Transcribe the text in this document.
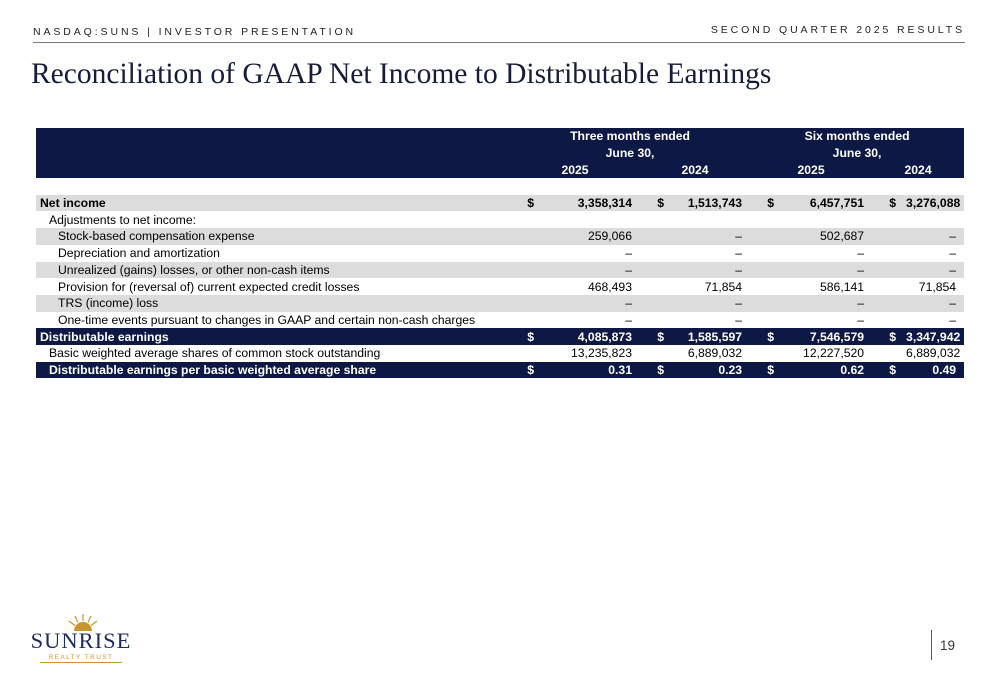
NASDAQ:SUNS | INVESTOR PRESENTATION	SECOND QUARTER 2025 RESULTS
Reconciliation of GAAP Net Income to Distributable Earnings
	Three months ended				Six months ended			
	June 30,				June 30,			
	2025		2024		2025		2024	

Net income	$	3,358,314	$	1,513,743	$	6,457,751	$	3,276,088
Adjustments to net income:								
Stock-based compensation expense		259,066		–		502,687		–
Depreciation and amortization		–		–		–		–
Unrealized (gains) losses, or other non-cash items		–		–		–		–
Provision for (reversal of) current expected credit losses		468,493		71,854		586,141		71,854
TRS (income) loss		–		–		–		–
One-time events pursuant to changes in GAAP and certain non-cash charges		–		–		–		–
Distributable earnings	$	4,085,873	$	1,585,597	$	7,546,579	$	3,347,942
Basic weighted average shares of common stock outstanding		13,235,823		6,889,032		12,227,520		6,889,032
Distributable earnings per basic weighted average share	$	0.31	$	0.23	$	0.62	$	0.49
SUNRISE
REALTY TRUST
19
